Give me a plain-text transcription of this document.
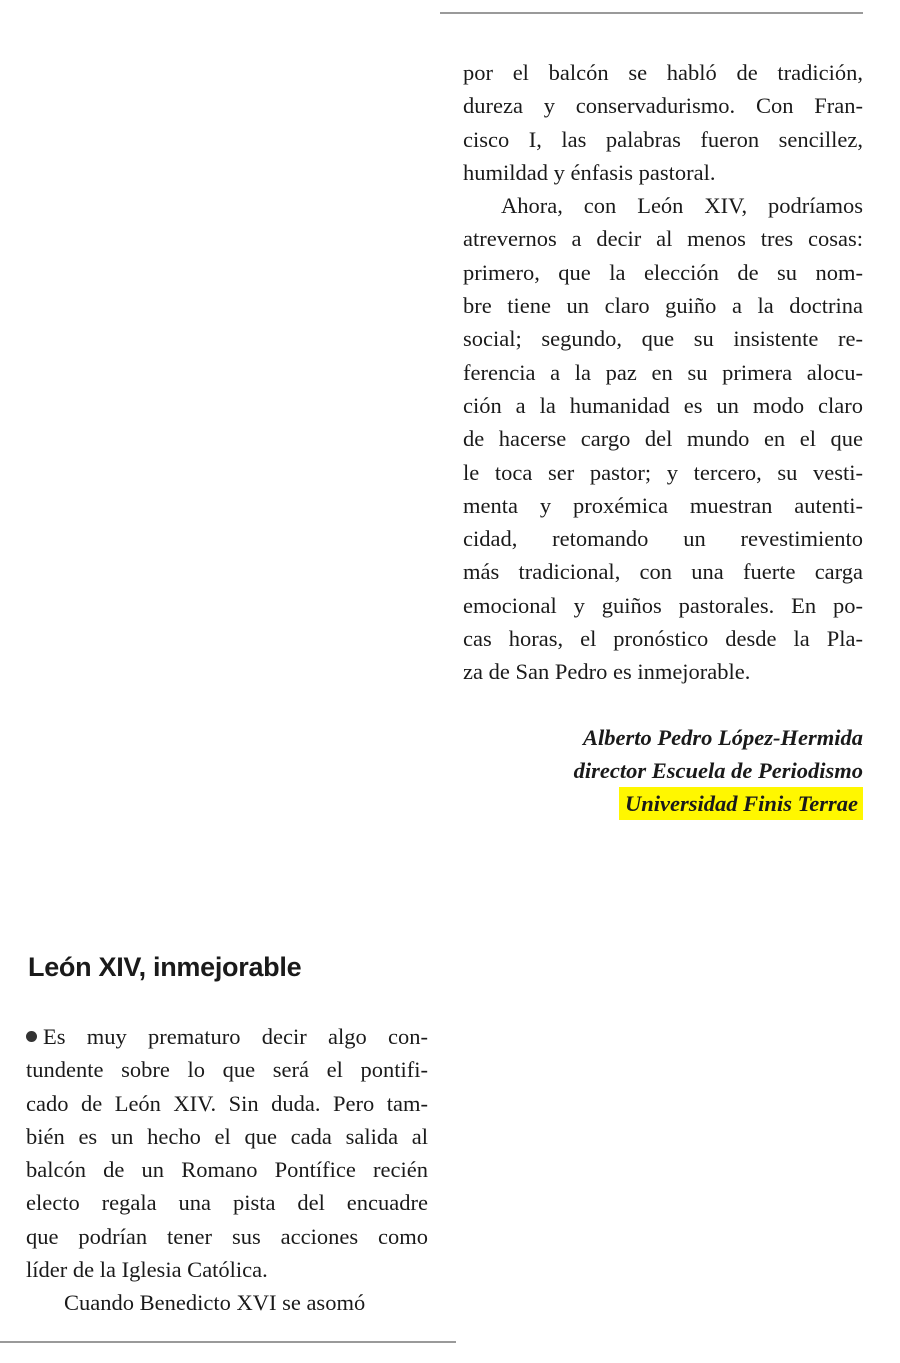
por el balcón se habló de tradición,
dureza y conservadurismo. Con Fran-
cisco I, las palabras fueron sencillez,
humildad y énfasis pastoral.
Ahora, con León XIV, podríamos
atrevernos a decir al menos tres cosas:
primero, que la elección de su nom-
bre tiene un claro guiño a la doctrina
social; segundo, que su insistente re-
ferencia a la paz en su primera alocu-
ción a la humanidad es un modo claro
de hacerse cargo del mundo en el que
le toca ser pastor; y tercero, su vesti-
menta y proxémica muestran autenti-
cidad, retomando un revestimiento
más tradicional, con una fuerte carga
emocional y guiños pastorales. En po-
cas horas, el pronóstico desde la Pla-
za de San Pedro es inmejorable.
Alberto Pedro López-Hermida
director Escuela de Periodismo
Universidad Finis Terrae
León XIV, inmejorable
Es muy prematuro decir algo con-
tundente sobre lo que será el pontifi-
cado de León XIV. Sin duda. Pero tam-
bién es un hecho el que cada salida al
balcón de un Romano Pontífice recién
electo regala una pista del encuadre
que podrían tener sus acciones como
líder de la Iglesia Católica.
Cuando Benedicto XVI se asomó
